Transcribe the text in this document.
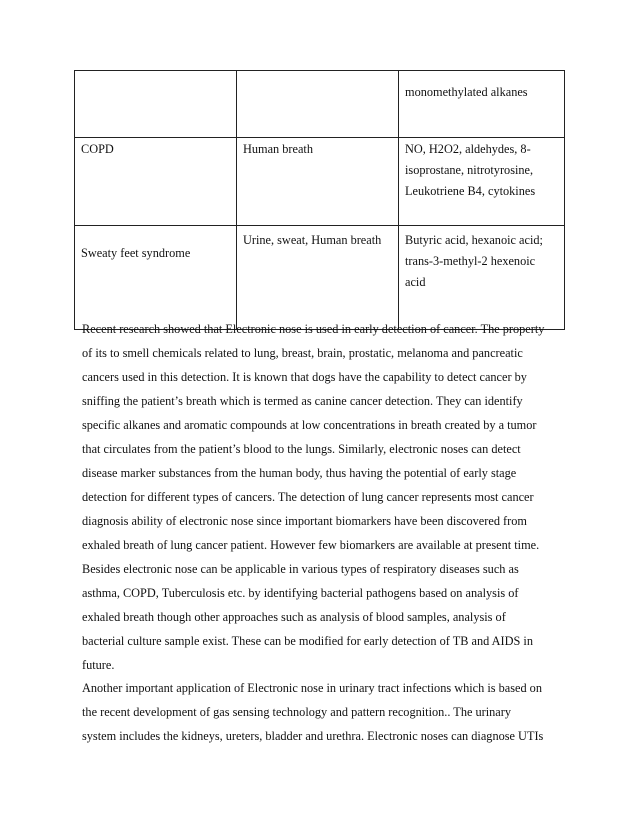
		monomethylated alkanes

COPD	Human breath	NO, H2O2, aldehydes, 8-
isoprostane, nitrotyrosine,
Leukotriene B4, cytokines

Sweaty feet syndrome	Urine, sweat, Human breath	Butyric acid, hexanoic acid;
trans-3-methyl-2 hexenoic
acid

Recent research showed that Electronic nose is used in early detection of cancer. The property
of its to smell chemicals related to lung, breast, brain, prostatic, melanoma and pancreatic
cancers used in this detection. It is known that dogs have the capability to detect cancer by
sniffing the patient’s breath which is termed as canine cancer detection. They can identify
specific alkanes and aromatic compounds at low concentrations in breath created by a tumor
that circulates from the patient’s blood to the lungs. Similarly, electronic noses can detect
disease marker substances from the human body, thus having the potential of early stage
detection for different types of cancers. The detection of lung cancer represents most cancer
diagnosis ability of electronic nose since important biomarkers have been discovered from
exhaled breath of lung cancer patient. However few biomarkers are available at present time.

Besides electronic nose can be applicable in various types of respiratory diseases such as
asthma, COPD, Tuberculosis etc. by identifying bacterial pathogens based on analysis of
exhaled breath though other approaches such as analysis of blood samples, analysis of
bacterial culture sample exist. These can be modified for early detection of TB and AIDS in
future.

Another important application of Electronic nose in urinary tract infections which is based on
the recent development of gas sensing technology and pattern recognition.. The urinary
system includes the kidneys, ureters, bladder and urethra. Electronic noses can diagnose UTIs
